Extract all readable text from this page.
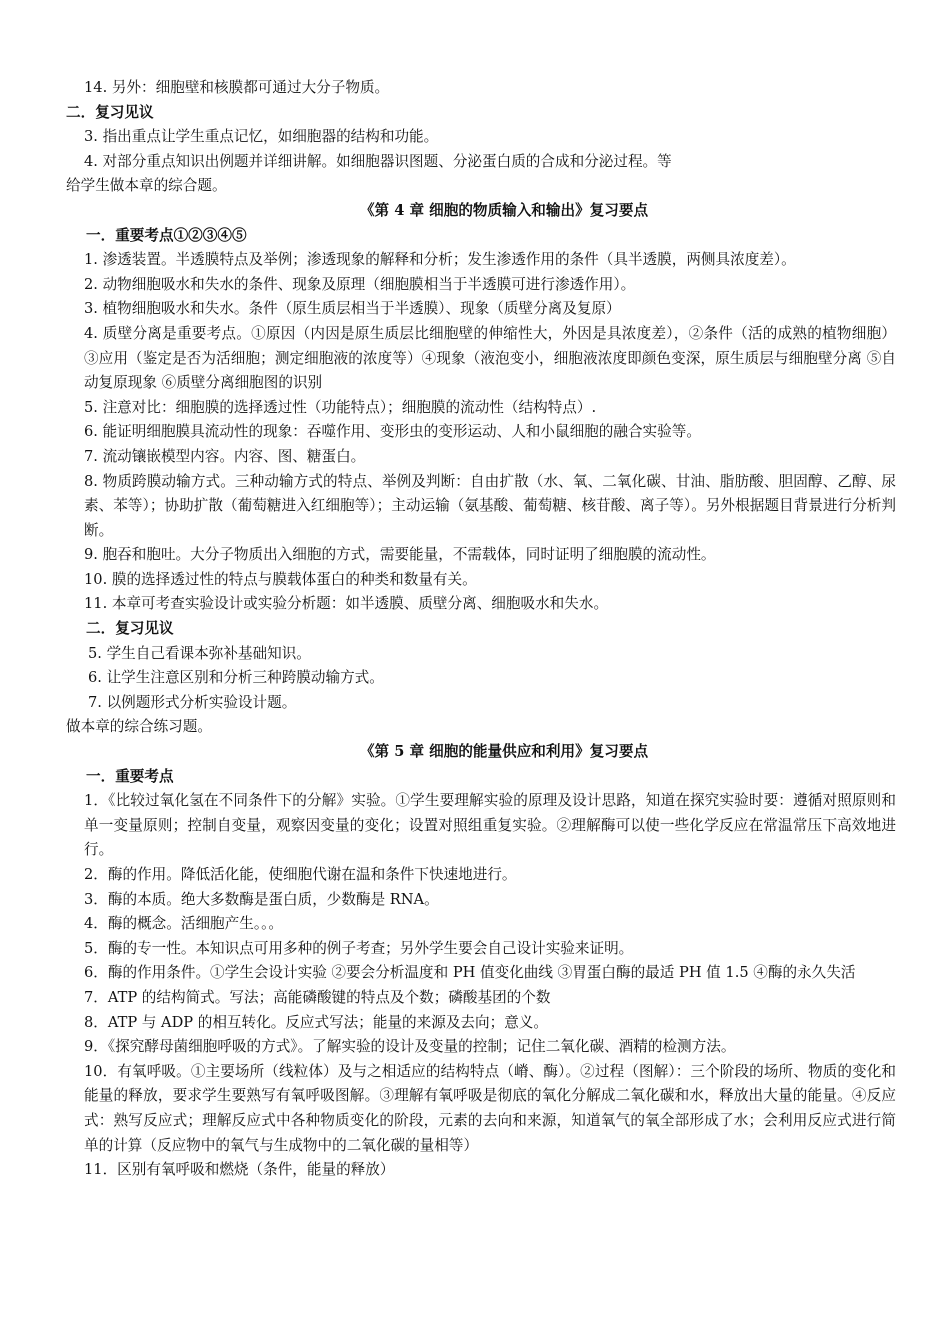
14. 另外：细胞壁和核膜都可通过大分子物质。
二．复习见议
3. 指出重点让学生重点记忆，如细胞器的结构和功能。
4. 对部分重点知识出例题并详细讲解。如细胞器识图题、分泌蛋白质的合成和分泌过程。等
给学生做本章的综合题。
《第 4 章 细胞的物质输入和输出》复习要点
一．重要考点①②③④⑤
1. 渗透装置。半透膜特点及举例；渗透现象的解释和分析；发生渗透作用的条件（具半透膜，两侧具浓度差）。
2. 动物细胞吸水和失水的条件、现象及原理（细胞膜相当于半透膜可进行渗透作用）。
3. 植物细胞吸水和失水。条件（原生质层相当于半透膜）、现象（质壁分离及复原）
4. 质壁分离是重要考点。①原因（内因是原生质层比细胞壁的伸缩性大，外因是具浓度差），②条件（活的成熟的植物细胞）③应用（鉴定是否为活细胞；测定细胞液的浓度等）④现象（液泡变小，细胞液浓度即颜色变深，原生质层与细胞壁分离 ⑤自动复原现象 ⑥质壁分离细胞图的识别
5. 注意对比：细胞膜的选择透过性（功能特点）；细胞膜的流动性（结构特点）.
6. 能证明细胞膜具流动性的现象：吞噬作用、变形虫的变形运动、人和小鼠细胞的融合实验等。
7. 流动镶嵌模型内容。内容、图、糖蛋白。
8. 物质跨膜动输方式。三种动输方式的特点、举例及判断：自由扩散（水、氧、二氧化碳、甘油、脂肪酸、胆固醇、乙醇、尿素、苯等）；协助扩散（葡萄糖进入红细胞等）；主动运输（氨基酸、葡萄糖、核苷酸、离子等）。另外根据题目背景进行分析判断。
9. 胞吞和胞吐。大分子物质出入细胞的方式，需要能量，不需载体，同时证明了细胞膜的流动性。
10. 膜的选择透过性的特点与膜载体蛋白的种类和数量有关。
11. 本章可考查实验设计或实验分析题：如半透膜、质壁分离、细胞吸水和失水。
二．复习见议
5. 学生自己看课本弥补基础知识。
6. 让学生注意区别和分析三种跨膜动输方式。
7. 以例题形式分析实验设计题。
做本章的综合练习题。
《第 5 章 细胞的能量供应和利用》复习要点
一．重要考点
1．《比较过氧化氢在不同条件下的分解》实验。①学生要理解实验的原理及设计思路，知道在探究实验时要：遵循对照原则和单一变量原则；控制自变量，观察因变量的变化；设置对照组重复实验。②理解酶可以使一些化学反应在常温常压下高效地进行。
2．酶的作用。降低活化能，使细胞代谢在温和条件下快速地进行。
3．酶的本质。绝大多数酶是蛋白质，少数酶是 RNA。
4．酶的概念。活细胞产生。。。
5．酶的专一性。本知识点可用多种的例子考查；另外学生要会自己设计实验来证明。
6．酶的作用条件。①学生会设计实验 ②要会分析温度和 PH 值变化曲线 ③胃蛋白酶的最适 PH 值 1.5 ④酶的永久失活
7．ATP 的结构简式。写法；高能磷酸键的特点及个数；磷酸基团的个数
8．ATP 与 ADP 的相互转化。反应式写法；能量的来源及去向；意义。
9．《探究酵母菌细胞呼吸的方式》。了解实验的设计及变量的控制；记住二氧化碳、酒精的检测方法。
10．有氧呼吸。①主要场所（线粒体）及与之相适应的结构特点（嵴、酶）。②过程（图解）：三个阶段的场所、物质的变化和能量的释放，要求学生要熟写有氧呼吸图解。③理解有氧呼吸是彻底的氧化分解成二氧化碳和水，释放出大量的能量。④反应式：熟写反应式；理解反应式中各种物质变化的阶段，元素的去向和来源，知道氧气的氧全部形成了水；会利用反应式进行简单的计算（反应物中的氧气与生成物中的二氧化碳的量相等）
11．区别有氧呼吸和燃烧（条件，能量的释放）
